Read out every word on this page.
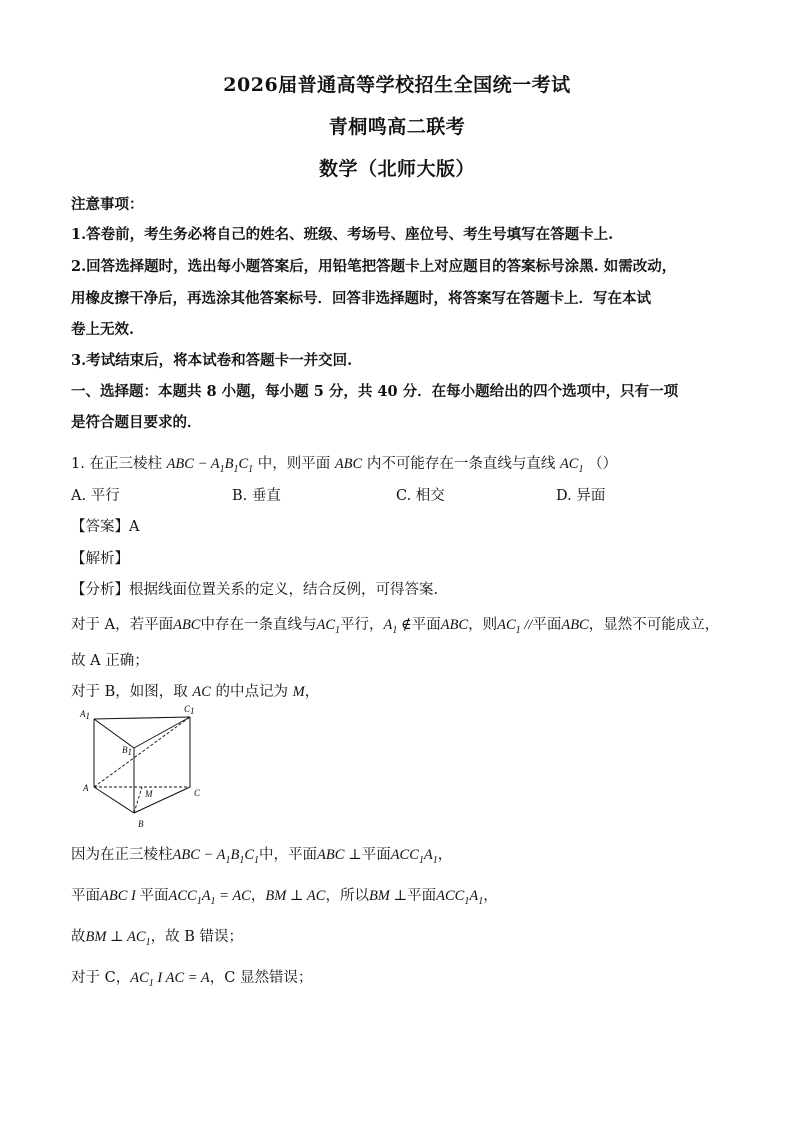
2026届普通高等学校招生全国统一考试
青桐鸣高二联考
数学（北师大版）
注意事项：
1.答卷前，考生务必将自己的姓名、班级、考场号、座位号、考生号填写在答题卡上.
2.回答选择题时，选出每小题答案后，用铅笔把答题卡上对应题目的答案标号涂黑. 如需改动，
用橡皮擦干净后，再选涂其他答案标号．回答非选择题时，将答案写在答题卡上．写在本试
卷上无效.
3.考试结束后，将本试卷和答题卡一并交回.
一、选择题：本题共 8 小题，每小题 5 分，共 40 分．在每小题给出的四个选项中，只有一项
是符合题目要求的．
1. 在正三棱柱 ABC − $A_1B_1C_1$ 中，则平面 ABC 内不可能存在一条直线与直线 $AC_1$ （）
A. 平行	B. 垂直	C. 相交	D. 异面
【答案】A
【解析】
【分析】根据线面位置关系的定义，结合反例，可得答案.
对于 A，若平面ABC中存在一条直线与$AC_1$平行，$A_1$ ∉平面ABC，则$AC_1$ //平面ABC，显然不可能成立，
故 A 正确；
对于 B，如图，取 AC 的中点记为 M，
A1
C1
B1
A	C
M
B
因为在正三棱柱ABC − $A_1B_1C_1$中，平面ABC ⊥平面$ACC_1A_1$，
平面ABC I 平面$ACC_1A_1$ = AC，BM ⊥ AC，所以BM ⊥平面$ACC_1A_1$，
故BM ⊥ $AC_1$，故 B 错误；
对于 C，$AC_1$ I AC = A，C 显然错误；
